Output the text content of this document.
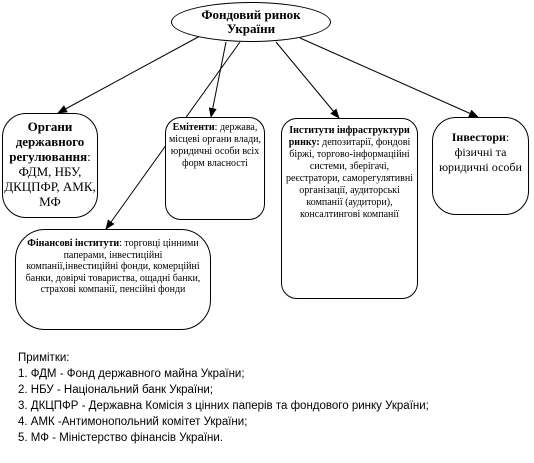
Фондовий ринок
України
Органи державного регулювання: ФДМ, НБУ, ДКЦПФР, АМК, МФ
Емітенти: держава, місцеві органи влади, юридичні особи всіх форм власності
Інститути інфраструктури ринку: депозитарії, фондові біржі, торгово-інформаційні системи, зберігачі, реєстратори, саморегулятивні організації, аудиторські компанії (аудитори), консалтингові компанії
Інвестори: фізичні та юридичні особи
Фінансові інститути: торговці цінними паперами, інвестиційні компанії,інвестиційні фонди, комерційні банки, довірчі товариства, ощадні банки, страхові компанії, пенсійні фонди
Примітки:
1. ФДМ - Фонд державного майна України;
2. НБУ - Національний банк України;
3. ДКЦПФР - Державна Комісія з цінних паперів та фондового ринку України;
4. АМК -Антимонопольний комітет України;
5. МФ - Міністерство фінансів України.
